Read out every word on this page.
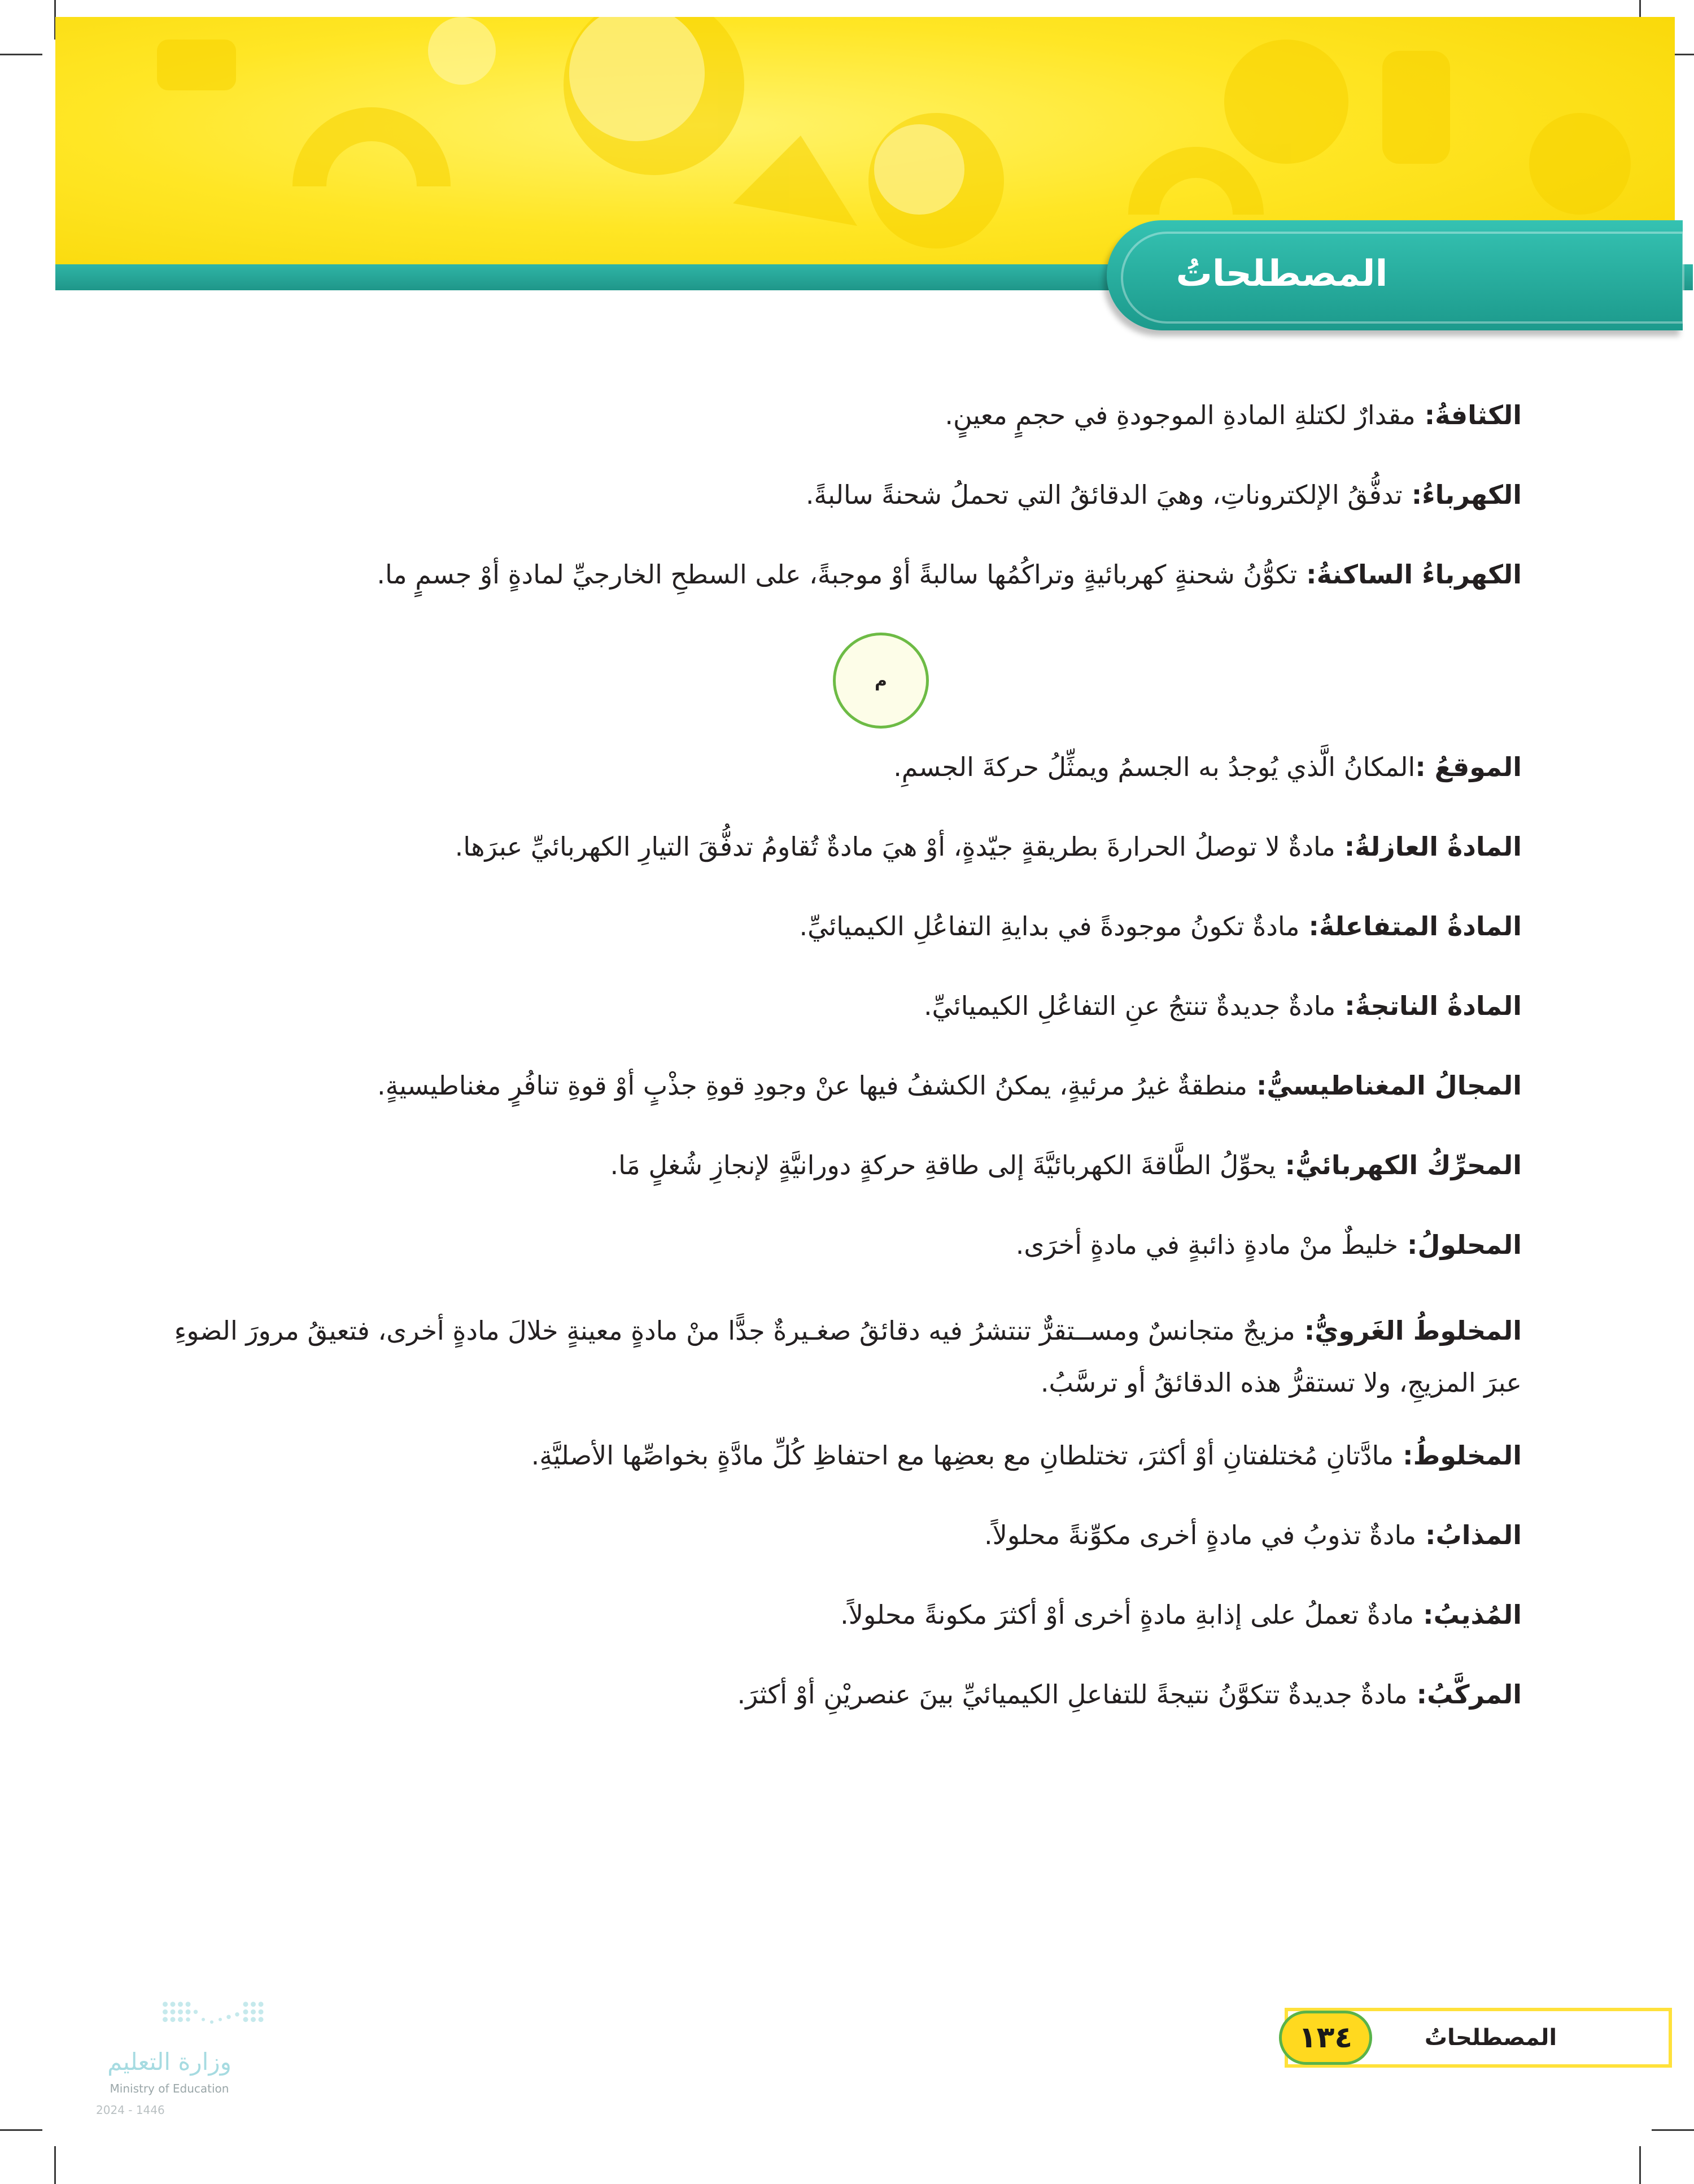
المصطلحاتُ

الكثافةُ: مقدارٌ لكتلةِ المادةِ الموجودةِ في حجمٍ معينٍ.

الكهرباءُ: تدفُّقُ الإلكتروناتِ، وهيَ الدقائقُ التي تحملُ شحنةً سالبةً.

الكهرباءُ الساكنةُ: تكوُّنُ شحنةٍ كهربائيةٍ وتراكُمُها سالبةً أوْ موجبةً، على السطحِ الخارجيِّ لمادةٍ أوْ جسمٍ ما.

الموقعُ :المكانُ الَّذي يُوجدُ به الجسمُ ويمثِّلُ حركةَ الجسمِ.

المادةُ العازلةُ: مادةٌ لا توصلُ الحرارةَ بطريقةٍ جيّدةٍ، أوْ هيَ مادةٌ تُقاومُ تدفُّقَ التيارِ الكهربائيِّ عبرَها.

المادةُ المتفاعلةُ: مادةٌ تكونُ موجودةً في بدايةِ التفاعُلِ الكيميائيِّ.

المادةُ الناتجةُ: مادةٌ جديدةٌ تنتجُ عنِ التفاعُلِ الكيميائيِّ.

المجالُ المغناطيسيُّ: منطقةٌ غيرُ مرئيةٍ، يمكنُ الكشفُ فيها عنْ وجودِ قوةِ جذْبٍ أوْ قوةِ تنافُرٍ مغناطيسيةٍ.

المحرِّكُ الكهربائيُّ: يحوِّلُ الطَّاقةَ الكهربائيَّةَ إلى طاقةِ حركةٍ دورانيَّةٍ لإنجازِ شُغلٍ مَا.

المحلولُ: خليطٌ منْ مادةٍ ذائبةٍ في مادةٍ أخرَى.

المخلوطُ الغَرويُّ: مزيجٌ متجانسٌ ومســتقرٌّ تنتشرُ فيه دقائقُ صغـيرةٌ جدًّا منْ مادةٍ معينةٍ خلالَ مادةٍ أخرى، فتعيقُ مرورَ الضوءِ عبرَ المزيجِ، ولا تستقرُّ هذه الدقائقُ أو ترسَّبُ.

المخلوطُ: مادَّتانِ مُختلفتانِ أوْ أكثرَ، تختلطانِ مع بعضِها مع احتفاظِ كُلِّ مادَّةٍ بخواصِّها الأصليَّةِ.

المذابُ: مادةٌ تذوبُ في مادةٍ أخرى مكوِّنةً محلولاً.

المُذيبُ: مادةٌ تعملُ على إذابةِ مادةٍ أخرى أوْ أكثرَ مكونةً محلولاً.

المركَّبُ: مادةٌ جديدةٌ تتكوَّنُ نتيجةً للتفاعلِ الكيميائيِّ بينَ عنصريْنِ أوْ أكثرَ.

م
المصطلحاتُ
١٣٤
وزارة التعليم
Ministry of Education
2024 - 1446
